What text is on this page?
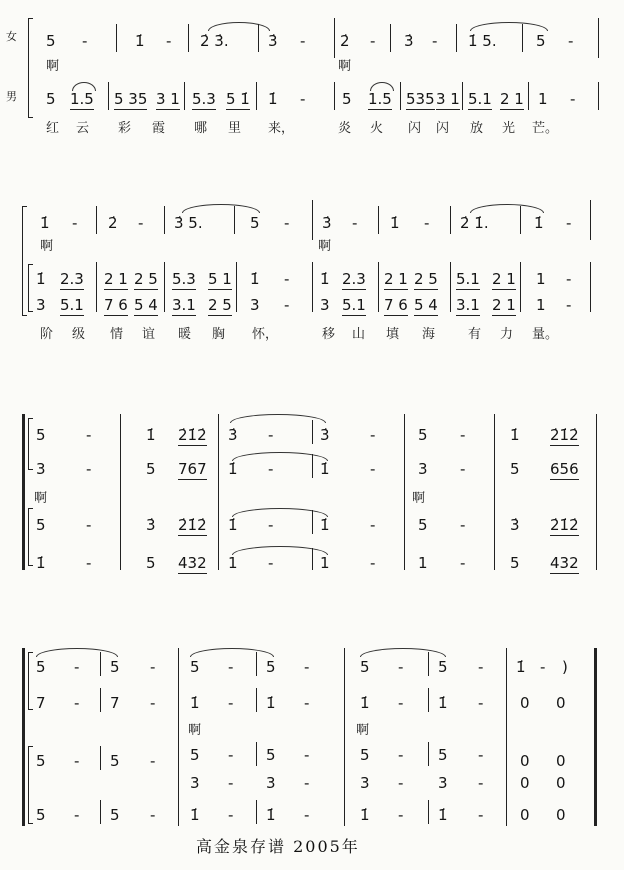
女
男
5 -	1̇ - 2̇ 3̇.	3̇ - 2̇ - 3̇ - 1̇ 5.	5 -
啊	啊
5 1.5 5 35 3 1 5.3 5 1̇ 1̇ - 5 1.5 535 3 1 5.1 2 1 1 -
红 云 彩 霞 哪 里 来，	炎 火 闪 闪 放 光 芒。
1̇ - 2̇ - 3̇ 5.	5 - 3̇ - 1̇ - 2̇ 1̇.	1̇ -
啊	啊
1̇ 2.3 2 1 2 5 5.3 5 1 1̇ - 1̇ 2.3 2 1 2 5 5.1 2 1 1 -
3 5.1 7 6 5 4 3.1 2 5 3 - 3 5.1 7 6 5 4 3.1 2 1 1 -
阶 级 情 谊 暖 胸 怀，	移 山 填 海	有 力 量。
5	-	1̇ 2̇1̇2̇ 3̇ -	3̇	-	5 -	1̇ 2̇1̇2̇
3	-	5 767 1̇ -	1̇	-	3 -	5 656
啊	啊
5	-	3̇ 2̇1̇2̇ 1̇ -	1̇	-	5 -	3̇ 2̇1̇2̇
1̇	-	5 432 1 -	1	-	1 -	5 432
5 - 5 - 5 - 5 -	5 - 5 - 1̇ - )
7 - 7 - 1̇ - 1̇ -	1̇ - 1̇ - 0 0
啊	啊
5 - 5 - 5 - 5 -	5 - 5 - 0 0
3 - 3 -	3 - 3 - 0 0
5 - 5 - 1̇ - 1̇ -	1̇ - 1̇ - 0 0
高金泉存谱 2005年
